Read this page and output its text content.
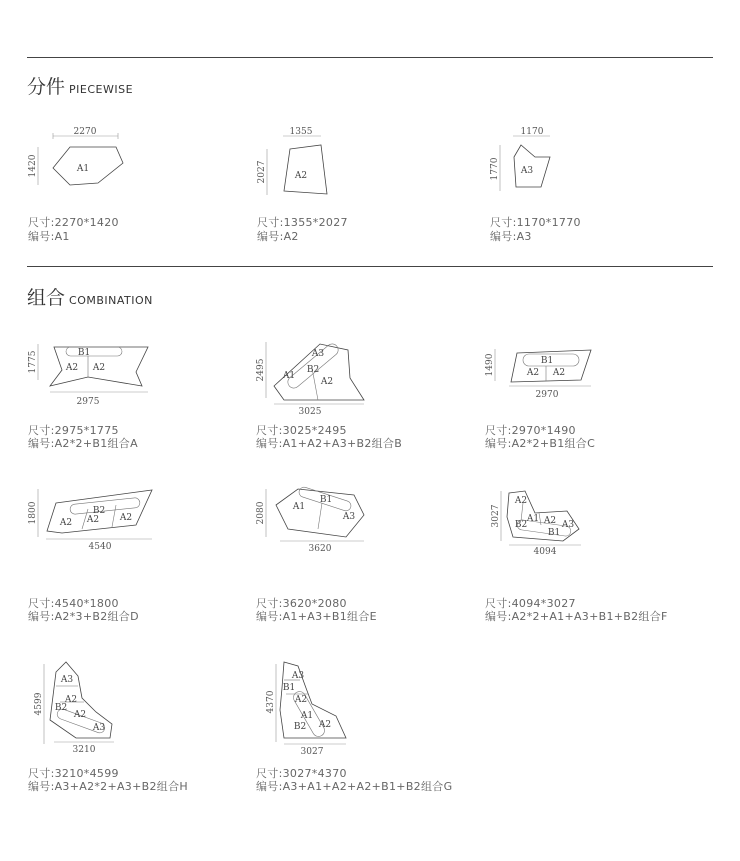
分件 PIECEWISE
2270
1420	A1
尺寸:2270*1420
编号:A1
1355
2027	A2
尺寸:1355*2027
编号:A2
1170
1770 A3
尺寸:1170*1770
编号:A3
组合 COMBINATION
1775	B1
A2 A2
2975
尺寸:2975*1775
编号:A2*2+B1组合A
2495
A3
A1
B2
A2
3025
尺寸:3025*2495
编号:A1+A2+A3+B2组合B
1490	B1
A2 A2
2970
尺寸:2970*1490
编号:A2*2+B1组合C
1800	B2
A2 A2 A2
4540
尺寸:4540*1800
编号:A2*3+B2组合D
2080
B1
A1
A3
3620
尺寸:3620*2080
编号:A1+A3+B1组合E
3027
A2
A1 A2
B2	A3
B1
4094
尺寸:4094*3027
编号:A2*2+A1+A3+B1+B2组合F
4599
A3
A2
B2
A2
A3
3210
尺寸:3210*4599
编号:A3+A2*2+A3+B2组合H
4370
A3
B1
A2
A1
B2 A2
3027
尺寸:3027*4370
编号:A3+A1+A2+A2+B1+B2组合G
